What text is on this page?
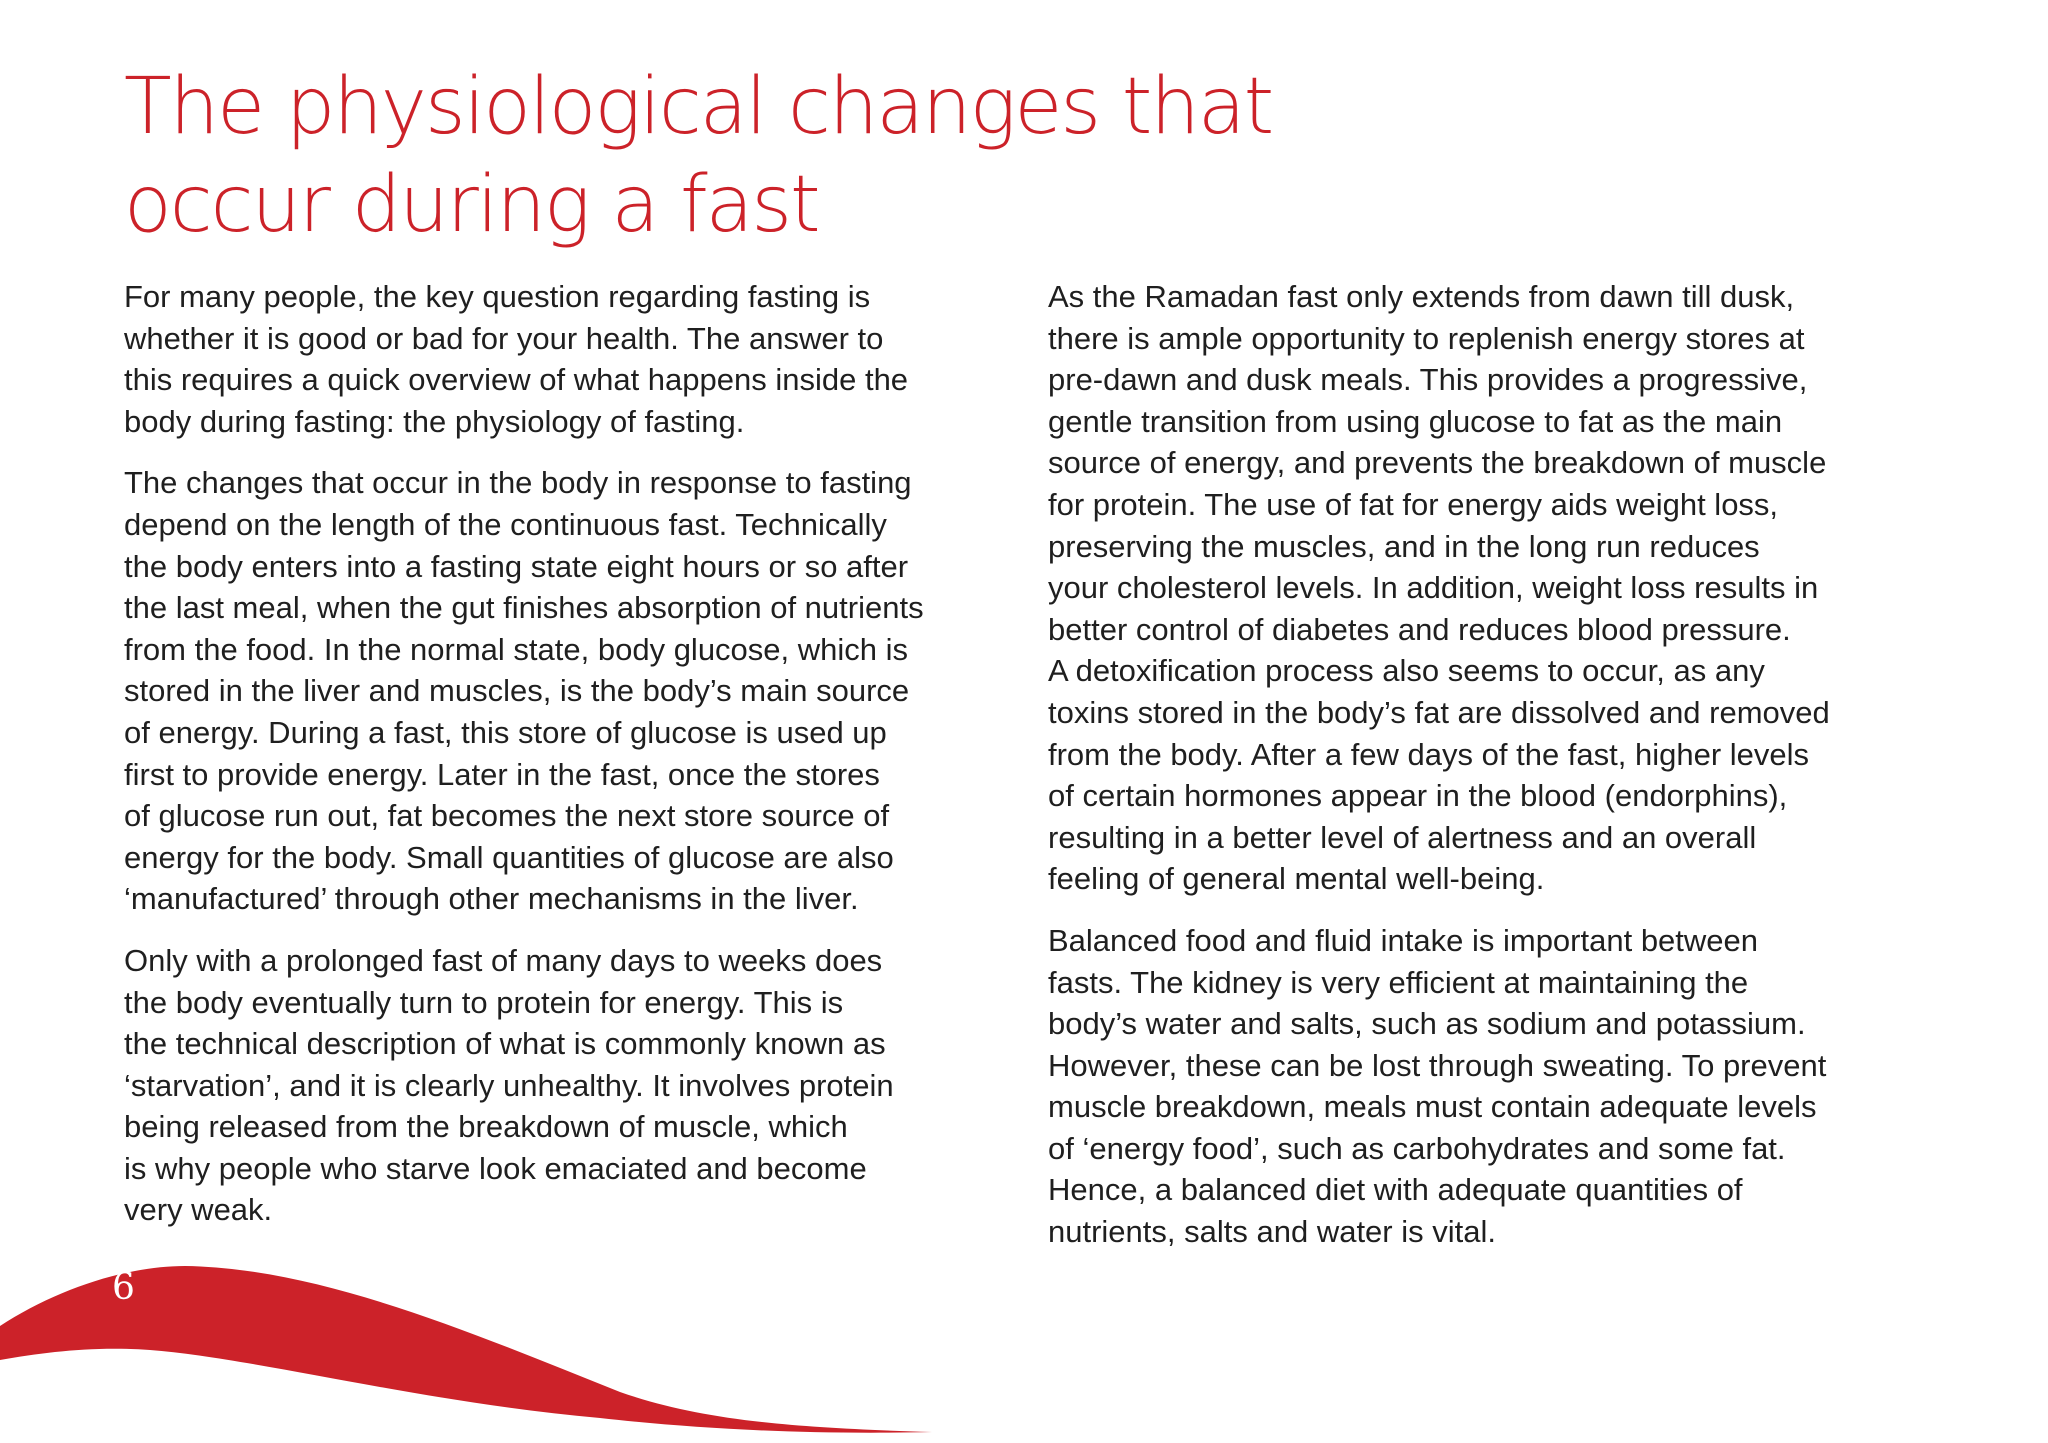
The physiological changes that
occur during a fast

For many people, the key question regarding fasting is
whether it is good or bad for your health. The answer to
this requires a quick overview of what happens inside the
body during fasting: the physiology of fasting.

The changes that occur in the body in response to fasting
depend on the length of the continuous fast. Technically
the body enters into a fasting state eight hours or so after
the last meal, when the gut finishes absorption of nutrients
from the food. In the normal state, body glucose, which is
stored in the liver and muscles, is the body’s main source
of energy. During a fast, this store of glucose is used up
first to provide energy. Later in the fast, once the stores
of glucose run out, fat becomes the next store source of
energy for the body. Small quantities of glucose are also
‘manufactured’ through other mechanisms in the liver.

Only with a prolonged fast of many days to weeks does
the body eventually turn to protein for energy. This is
the technical description of what is commonly known as
‘starvation’, and it is clearly unhealthy. It involves protein
being released from the breakdown of muscle, which
is why people who starve look emaciated and become
very weak.

As the Ramadan fast only extends from dawn till dusk,
there is ample opportunity to replenish energy stores at
pre-dawn and dusk meals. This provides a progressive,
gentle transition from using glucose to fat as the main
source of energy, and prevents the breakdown of muscle
for protein. The use of fat for energy aids weight loss,
preserving the muscles, and in the long run reduces
your cholesterol levels. In addition, weight loss results in
better control of diabetes and reduces blood pressure.
A detoxification process also seems to occur, as any
toxins stored in the body’s fat are dissolved and removed
from the body. After a few days of the fast, higher levels
of certain hormones appear in the blood (endorphins),
resulting in a better level of alertness and an overall
feeling of general mental well-being.

Balanced food and fluid intake is important between
fasts. The kidney is very efficient at maintaining the
body’s water and salts, such as sodium and potassium.
However, these can be lost through sweating. To prevent
muscle breakdown, meals must contain adequate levels
of ‘energy food’, such as carbohydrates and some fat.
Hence, a balanced diet with adequate quantities of
nutrients, salts and water is vital.

6
